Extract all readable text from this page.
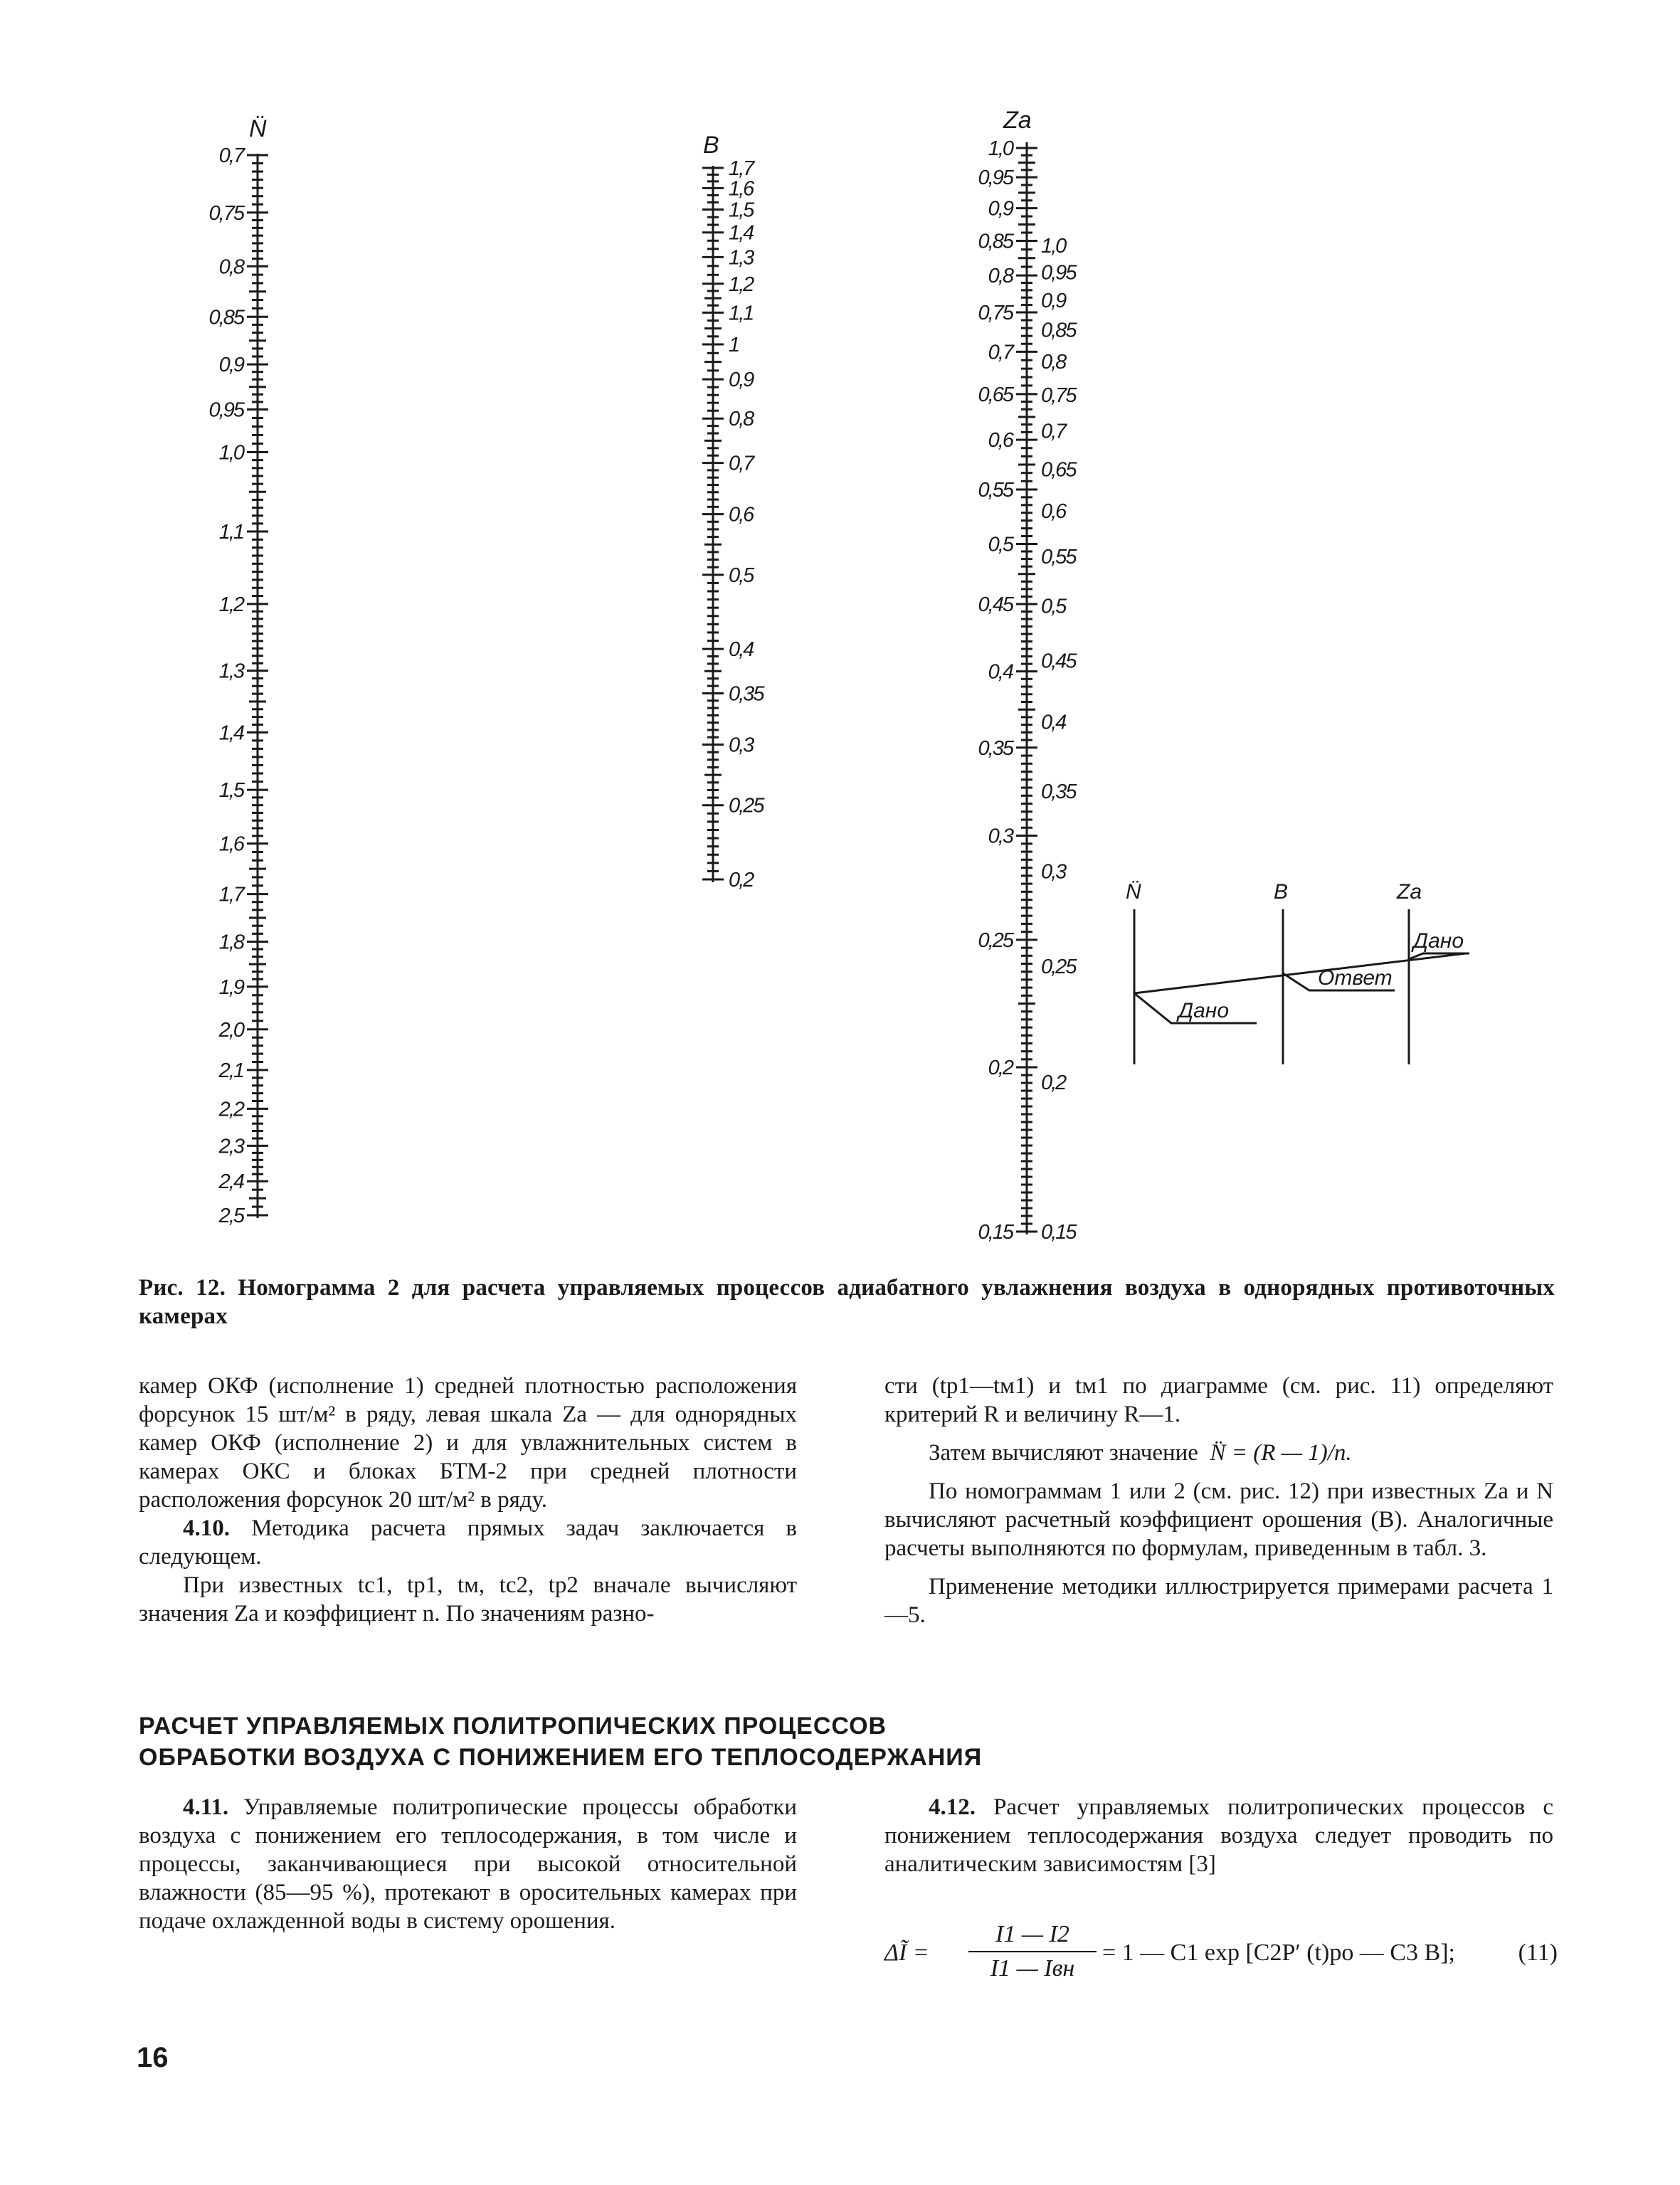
N̈
0,7
0,75
0,8
0,85
0,9
0,95
1,0
1,1
1,2
1,3
1,4
1,5
1,6
1,7
1,8
1,9
2,0
2,1
2,2
2,3
2,4
2,5
B
1,7
1,6
1,5
1,4
1,3
1,2
1,1
1
0,9
0,8
0,7
0,6
0,5
0,4
0,35
0,3
0,25
0,2
Za
1,0
0,95
0,9
0,85
0,8
0,75
0,7
0,65
0,6
0,55
0,5
0,45
0,4
0,35
0,3
0,25
0,2
0,15
1,0
0,95
0,9
0,85
0,8
0,75
0,7
0,65
0,6
0,55
0,5
0,45
0,4
0,35
0,3
0,25
0,2
0,15
N̈	B	Za
Дано
Ответ
Дано
Рис. 12. Номограмма 2 для расчета управляемых процессов адиабатного увлажнения воздуха в однорядных противоточных камерах

камер ОКФ (исполнение 1) средней плотностью расположения форсунок 15 шт/м² в ряду, левая шкала Za — для однорядных камер ОКФ (исполнение 2) и для увлажнительных систем в камерах ОКС и блоках БТМ-2 при средней плотности расположения форсунок 20 шт/м² в ряду.

4.10. Методика расчета прямых задач заключается в следующем.

При известных tc1, tp1, tм, tc2, tp2 вначале вычисляют значения Za и коэффициент n. По значениям разно-

сти (tp1—tм1) и tм1 по диаграмме (см. рис. 11) определяют критерий R и величину R—1.

Затем вычисляют значение N̈ = (R — 1)/n.

По номограммам 1 или 2 (см. рис. 12) при известных Za и N вычисляют расчетный коэффициент орошения (В). Аналогичные расчеты выполняются по формулам, приведенным в табл. 3.

Применение методики иллюстрируется примерами расчета 1—5.

РАСЧЕТ УПРАВЛЯЕМЫХ ПОЛИТРОПИЧЕСКИХ ПРОЦЕССОВ
ОБРАБОТКИ ВОЗДУХА С ПОНИЖЕНИЕМ ЕГО ТЕПЛОСОДЕРЖАНИЯ

4.11. Управляемые политропические процессы обработки воздуха с понижением его теплосодержания, в том числе и процессы, заканчивающиеся при высокой относительной влажности (85—95 %), протекают в оросительных камерах при подаче охлажденной воды в систему орошения.

4.12. Расчет управляемых политропических процессов с понижением теплосодержания воздуха следует проводить по аналитическим зависимостям [3]

ΔĨ =
I1 — I2
I1 — Iвн
= 1 — C1 exp [C2P′ (t)po — C3 B];	(11)
16
